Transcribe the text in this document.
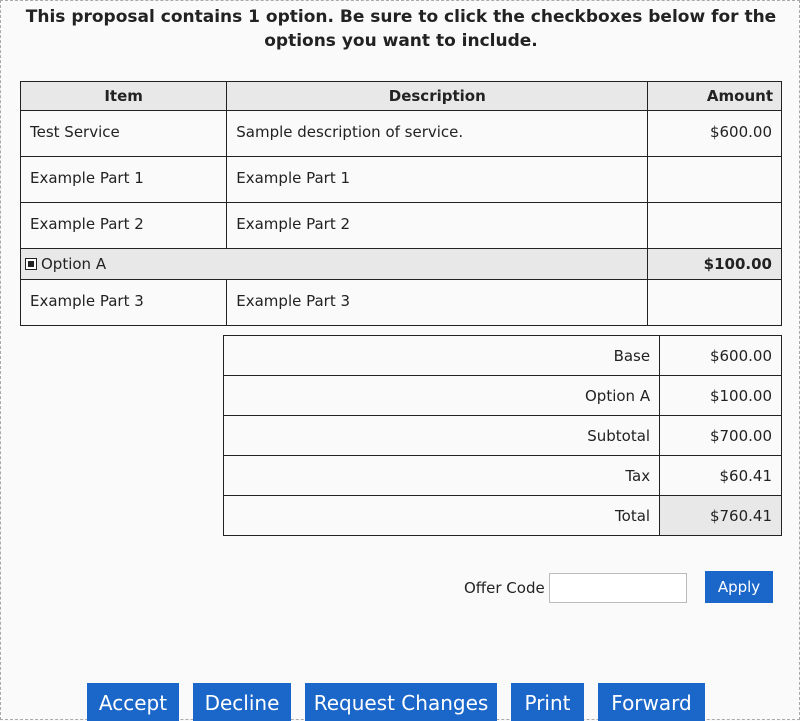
This proposal contains 1 option. Be sure to click the checkboxes below for the options you want to include.
Item	Description	Amount
Test Service	Sample description of service.	$600.00
Example Part 1	Example Part 1	
Example Part 2	Example Part 2	

Option A		$100.00
Example Part 3	Example Part 3	
Base	$600.00
Option A	$100.00
Subtotal	$700.00
Tax	$60.41
Total	$760.41
Offer Code	Apply
Accept	Decline	Request Changes	Print	Forward
